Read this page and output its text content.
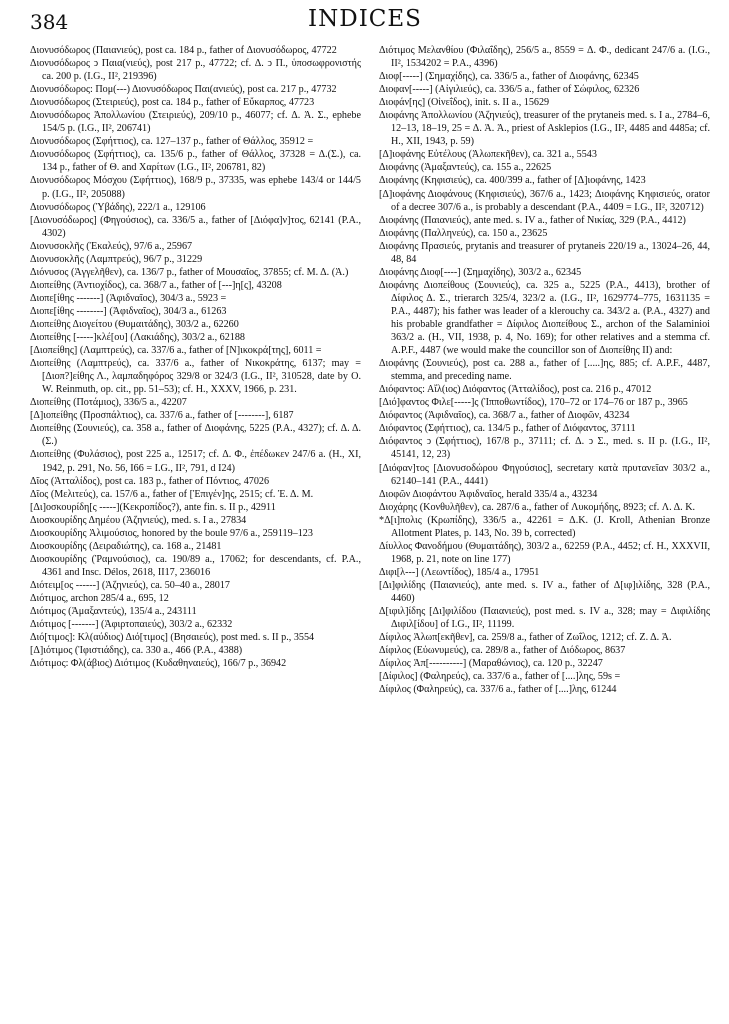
384	INDICES

Διονυσόδωρος (Παιανιεύς), post ca. 184 p., father of Διονυσόδωρος, 47722

Διονυσόδωρος ↄ Παια(νιεύς), post 217 p., 47722; cf. Δ. ↄ Π., ὑποσωφρονιστής ca. 200 p. (I.G., II², 219396)

Διονυσόδωρος: Πομ(---) Διονυσόδωρος Παι(ανιεύς), post ca. 217 p., 47732

Διονυσόδωρος (Στειριεύς), post ca. 184 p., father of Εὔκαρπος, 47723

Διονυσόδωρος Ἀπολλωνίου (Στειριεύς), 209/10 p., 46077; cf. Δ. Ἀ. Σ., ephebe 154/5 p. (I.G., II², 206741)

Διονυσόδωρος (Σφήττιος), ca. 127–137 p., father of Θάλλος, 35912 =

Διονυσόδωρος (Σφήττιος), ca. 135/6 p., father of Θάλλος, 37328 = Δ.(Σ.), ca. 134 p., father of Θ. and Χαρίτων (I.G., II², 206781, 82)

Διονυσόδωρος Μόσχου (Σφήττιος), 168/9 p., 37335, was ephebe 143/4 or 144/5 p. (I.G., II², 205088)

Διονυσόδωρος (Ὑβάδης), 222/1 a., 129106

[Διονυσόδωρος] (Φηγούσιος), ca. 336/5 a., father of [Διόφα]ν]τος, 62141 (P.A., 4302)

Διονυσοκλῆς (Ἐκαλεύς), 97/6 a., 25967

Διονυσοκλῆς (Λαμπτρεύς), 96/7 p., 31229

Διόνυσος (Ἀγγελῆθεν), ca. 136/7 p., father of Μουσαῖος, 37855; cf. Μ. Δ. (Ἀ.)

Διοπείθης (Ἀντιοχίδος), ca. 368/7 a., father of [---]η[ς], 43208

Διοπε[ίθης -------] (Ἀφιδναῖος), 304/3 a., 5923 =

Διοπε[ίθης --------] (Ἀφιδναῖος), 304/3 a., 61263

Διοπείθης Διογείτου (Θυμαιτάδης), 303/2 a., 62260

Διοπείθης [-----]κλέ[ου] (Λακιάδης), 303/2 a., 62188

[Διοπείθης] (Λαμπτρεύς), ca. 337/6 a., father of [Ν]ικοκρά[της], 6011 =

Διοπείθης (Λαμπτρεύς), ca. 337/6 a., father of Νικοκράτης, 6137; may = [Διοπ?]είθης Λ., λαμπαδηφόρος 329/8 or 324/3 (I.G., II², 310528, date by O. W. Reinmuth, op. cit., pp. 51–53); cf. H., XXXV, 1966, p. 231.

Διοπείθης (Ποτάμιος), 336/5 a., 42207

[Δ]ιοπείθης (Προσπάλτιος), ca. 337/6 a., father of [--------], 6187

Διοπείθης (Σουνιεύς), ca. 358 a., father of Διοφάνης, 5225 (P.A., 4327); cf. Δ. Δ. (Σ.)

Διοπείθης (Φυλάσιος), post 225 a., 12517; cf. Δ. Φ., ἐπέδωκεν 247/6 a. (H., XI, 1942, p. 291, No. 56, I66 = I.G., II², 791, d I24)

Δῖος (Ἀτταλίδος), post ca. 183 p., father of Πόντιος, 47026

Δῖος (Μελιτεύς), ca. 157/6 a., father of [Ἐπιγέν]ης, 2515; cf. Ἐ. Δ. Μ.

[Δι]οσκουρίδη[ς -----](Κεκροπίδος?), ante fin. s. II p., 42911

Διοσκουρίδης Δημέου (Ἀζηνιεύς), med. s. I a., 27834

Διοσκουρίδης Ἁλιμούσιος, honored by the boule 97/6 a., 259119–123

Διοσκουρίδης (Δειραδιώτης), ca. 168 a., 21481

Διοσκουρίδης (Ῥαμνούσιος), ca. 190/89 a., 17062; for descendants, cf. P.A., 4361 and Insc. Délos, 2618, II17, 236016

Διότειμ[ος ------] (Ἀζηνιεύς), ca. 50–40 a., 28017

Διότιμος, archon 285/4 a., 695, 12

Διότιμος (Ἀμαξαντεύς), 135/4 a., 243111

Διότιμος [-------] (Ἀφιρτοπαιεύς), 303/2 a., 62332

Διό[τιμος]: Κλ(αύδιος) Διό[τιμος] (Βησαιεύς), post med. s. II p., 3554

[Δ]ιότιμος (Ἰφιστιάδης), ca. 330 a., 466 (P.A., 4388)

Διότιμος: Φλ(άβιος) Διότιμος (Κυδαθηναιεύς), 166/7 p., 36942

Διότιμος Μελανθίου (Φιλαΐδης), 256/5 a., 8559 = Δ. Φ., dedicant 247/6 a. (I.G., II², 1534202 = P.A., 4396)

Διοφ[-----] (Σημαχίδης), ca. 336/5 a., father of Διοφάνης, 62345

Διοφαν[-----] (Αἰγιλιεύς), ca. 336/5 a., father of Σώφιλος, 62326

Διοφάν[ης] (Οἰνεΐδος), init. s. II a., 15629

Διοφάνης Ἀπολλωνίου (Ἀζηνιεύς), treasurer of the prytaneis med. s. I a., 2784–6, 12–13, 18–19, 25 = Δ. Ἀ. Ἀ., priest of Asklepios (I.G., II², 4485 and 4485a; cf. H., XII, 1943, p. 59)

[Δ]ιοφάνης Εὐτέλους (Ἀλωπεκῆθεν), ca. 321 a., 5543

Διοφάνης (Ἀμαξαντεύς), ca. 155 a., 22625

Διοφάνης (Κηφισιεύς), ca. 400/399 a., father of [Δ]ιοφάνης, 1423

[Δ]ιοφάνης Διοφάνους (Κηφισιεύς), 367/6 a., 1423; Διοφάνης Κηφισιεύς, orator of a decree 307/6 a., is probably a descendant (P.A., 4409 = I.G., II², 320712)

Διοφάνης (Παιανιεύς), ante med. s. IV a., father of Νικίας, 329 (P.A., 4412)

Διοφάνης (Παλληνεύς), ca. 150 a., 23625

Διοφάνης Πρασιεύς, prytanis and treasurer of prytaneis 220/19 a., 13024–26, 44, 48, 84

Διοφάνης Διοφ[----] (Σημαχίδης), 303/2 a., 62345

Διοφάνης Διοπείθους (Σουνιεύς), ca. 325 a., 5225 (P.A., 4413), brother of Δίφιλος Δ. Σ., trierarch 325/4, 323/2 a. (I.G., II², 1629774–775, 1631135 = P.A., 4487); his father was leader of a klerouchy ca. 343/2 a. (P.A., 4327) and his probable grandfather = Δίφιλος Διοπείθους Σ., archon of the Salaminioi 363/2 a. (H., VII, 1938, p. 4, No. 169); for other relatives and a stemma cf. A.P.F., 4487 (we would make the councillor son of Διοπείθης II) and:

Διοφάνης (Σουνιεύς), post ca. 288 a., father of [.....]ης, 885; cf. A.P.F., 4487, stemma, and preceding name.

Διόφαντος: Αἴλ(ιος) Διόφαντος (Ἀτταλίδος), post ca. 216 p., 47012

[Διό]φαντος Φιλε[-----]ς (Ἱπποθωντίδος), 170–72 or 174–76 or 187 p., 3965

Διόφαντος (Ἀφιδναῖος), ca. 368/7 a., father of Διοφῶν, 43234

Διόφαντος (Σφήττιος), ca. 134/5 p., father of Διόφαντος, 37111

Διόφαντος ↄ (Σφήττιος), 167/8 p., 37111; cf. Δ. ↄ Σ., med. s. II p. (I.G., II², 45141, 12, 23)

[Διόφαν]τος [Διονυσοδώρου Φηγούσιος], secretary κατὰ πρυτανεῖαν 303/2 a., 62140–141 (P.A., 4441)

Διοφῶν Διοφάντου Ἀφιδναῖος, herald 335/4 a., 43234

Διοχάρης (Κονθυλῆθεν), ca. 287/6 a., father of Λυκομήδης, 8923; cf. Λ. Δ. Κ.

*Δ[ι]πολις (Κρωπίδης), 336/5 a., 42261 = Δ.Κ. (J. Kroll, Athenian Bronze Allotment Plates, p. 143, No. 39 b, corrected)

Δίυλλος Φανοδήμου (Θυμαιτάδης), 303/2 a., 62259 (P.A., 4452; cf. H., XXXVII, 1968, p. 21, note on line 177)

Διφι[λ---] (Λεωντίδος), 185/4 a., 17951

[Δι]φιλίδης (Παιανιεύς), ante med. s. IV a., father of Δ[ιφ]ιλίδης, 328 (P.A., 4460)

Δ[ιφιλ]ίδης [Δι]φιλίδου (Παιανιεύς), post med. s. IV a., 328; may = Διφιλίδης Διφιλ[ίδου] of I.G., II², 11199.

Δίφιλος Ἀλωπ[εκῆθεν], ca. 259/8 a., father of Ζωΐλος, 1212; cf. Ζ. Δ. Ἀ.

Δίφιλος (Εὐωνυμεύς), ca. 289/8 a., father of Διόδωρος, 8637

Δίφιλος Ἀπ[----------] (Μαραθώνιος), ca. 120 p., 32247

[Δίφιλος] (Φαληρεύς), ca. 337/6 a., father of [....]λης, 59s =

Δίφιλος (Φαληρεύς), ca. 337/6 a., father of [....]λης, 61244
